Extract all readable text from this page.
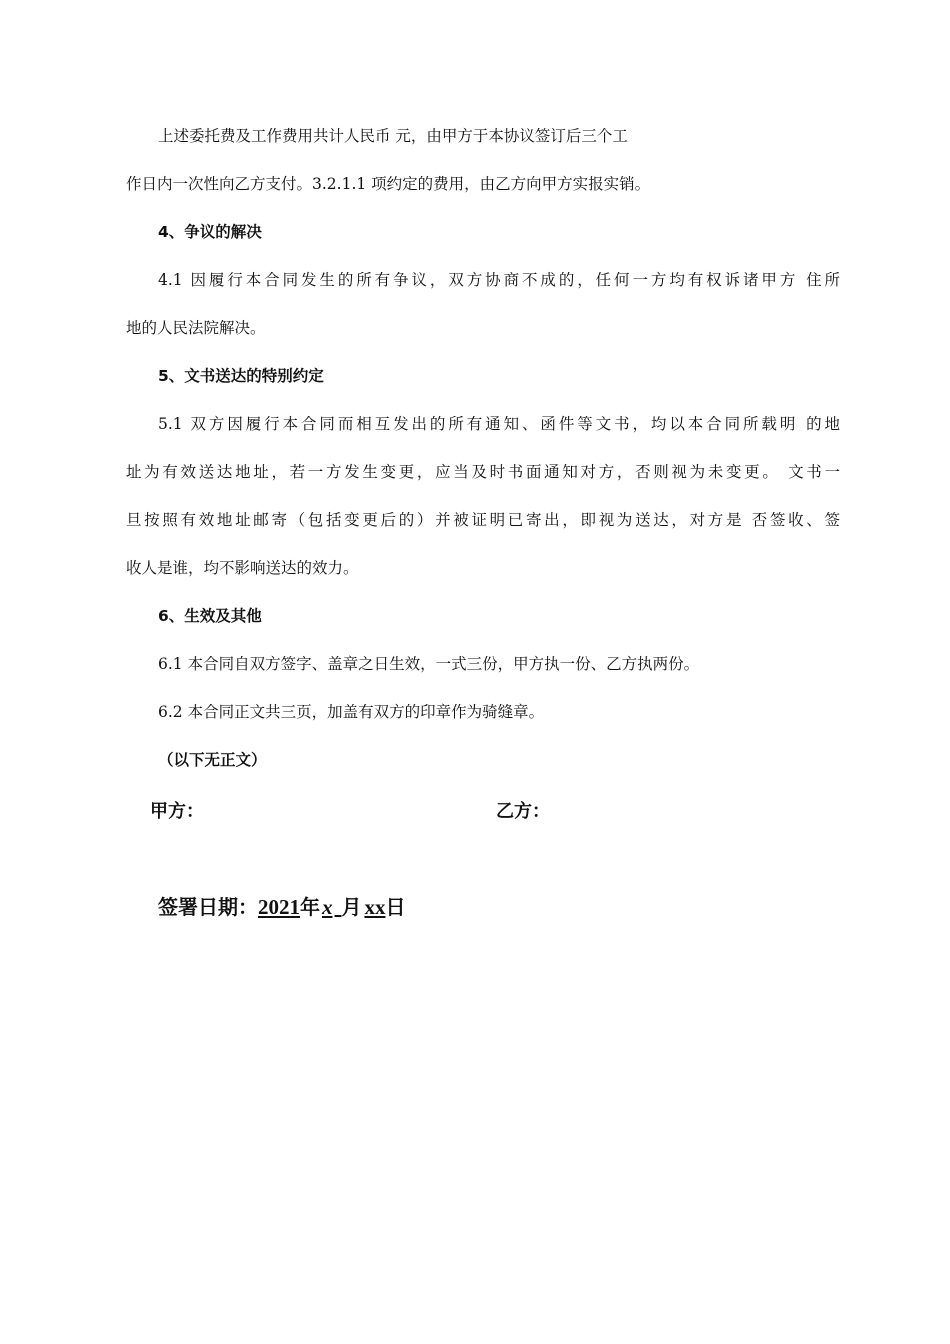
上述委托费及工作费用共计人民币 元，由甲方于本协议签订后三个工
作日内一次性向乙方支付。3.2.1.1 项约定的费用，由乙方向甲方实报实销。
4、争议的解决
4.1 因履行本合同发生的所有争议，双方协商不成的，任何一方均有权诉诸甲方 住所
地的人民法院解决。
5、文书送达的特别约定
5.1 双方因履行本合同而相互发出的所有通知、函件等文书，均以本合同所载明 的地
址为有效送达地址，若一方发生变更，应当及时书面通知对方，否则视为未变更。 文书一
旦按照有效地址邮寄（包括变更后的）并被证明已寄出，即视为送达，对方是 否签收、签
收人是谁，均不影响送达的效力。
6、生效及其他
6.1 本合同自双方签字、盖章之日生效，一式三份，甲方执一份、乙方执两份。
6.2 本合同正文共三页，加盖有双方的印章作为骑缝章。
（以下无正文）
甲方：	乙方：
签署日期：2021年x 月 xx日
